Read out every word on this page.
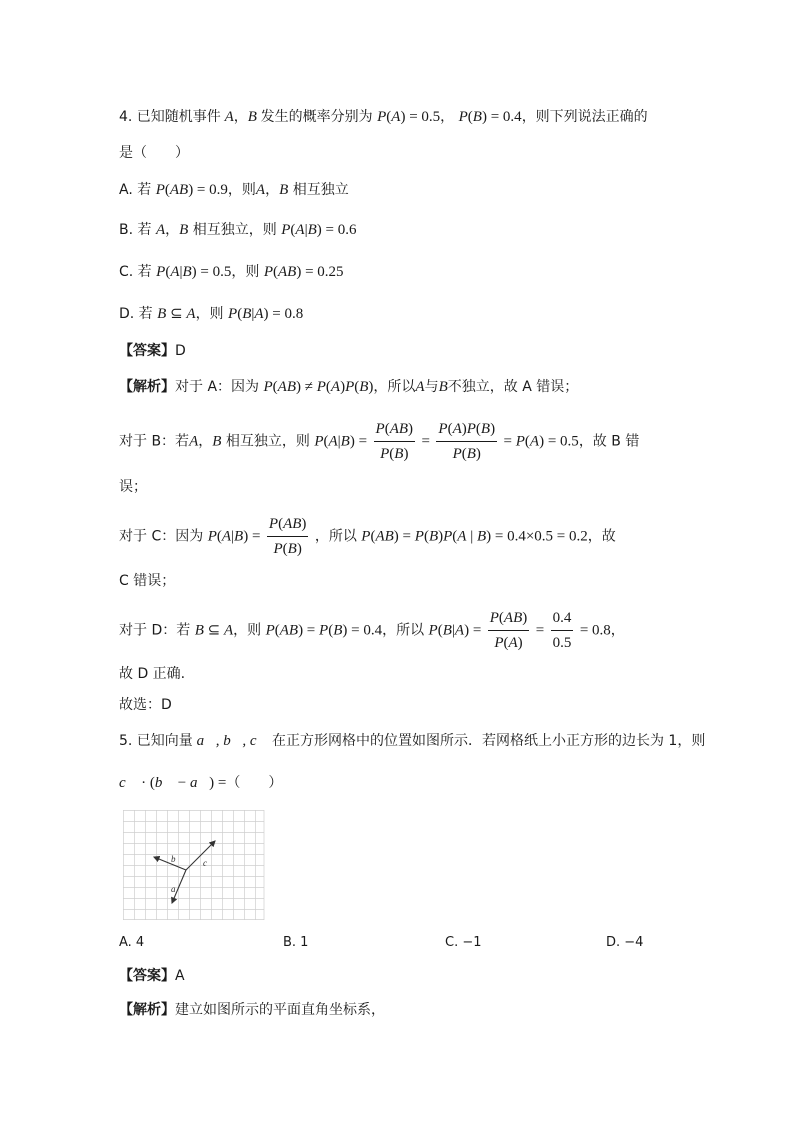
4. 已知随机事件 A，B 发生的概率分别为 P(A) = 0.5， P(B) = 0.4，则下列说法正确的
是（　　）
A. 若 P(AB) = 0.9，则A，B 相互独立
B. 若 A，B 相互独立，则 P(A|B) = 0.6
C. 若 P(A|B) = 0.5，则 P(AB) = 0.25
D. 若 B ⊆ A，则 P(B|A) = 0.8
【答案】D
【解析】对于 A：因为 P(AB) ≠ P(A)P(B)，所以A与B不独立，故 A 错误；
对于 B：若A，B 相互独立，则 $P(A|B) = \frac{P(AB)}{P(B)} = \frac{P(A)P(B)}{P(B)} = P(A) = 0.5$，故 B 错
误；
对于 C：因为 $P(A|B) = \frac{P(AB)}{P(B)}$ ，所以 P(AB) = P(B)P(A | B) = 0.4×0.5 = 0.2，故
C 错误；
对于 D：若 B ⊆ A，则 P(AB) = P(B) = 0.4，所以 $P(B|A) = \frac{P(AB)}{P(A)} = \frac{0.4}{0.5} = 0.8$，
故 D 正确.
故选：D
5. 已知向量 a⃗, b⃗, c⃗ 在正方形网格中的位置如图所示．若网格纸上小正方形的边长为 1，则
c⃗ · (b⃗ − a⃗) =（　　）
b	c
a
A. 4	B. 1	C. −1	D. −4
【答案】A
【解析】建立如图所示的平面直角坐标系，
